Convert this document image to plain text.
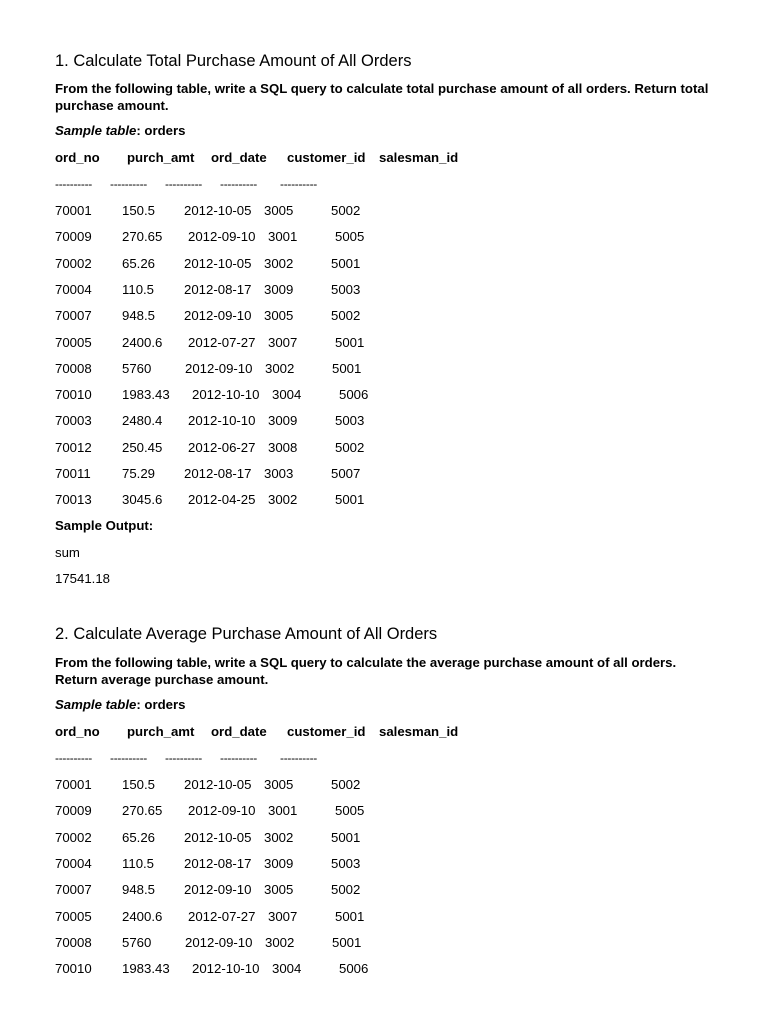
1. Calculate Total Purchase Amount of All Orders

From the following table, write a SQL query to calculate total purchase amount of all orders. Return total purchase amount.

Sample table: orders
ord_no purch_amt ord_date customer_id salesman_id
---------- ---------- ---------- ---------- ----------
70001 150.5 2012-10-05 3005	5002
70009 270.65 2012-09-10 3001	5005
70002 65.26 2012-10-05 3002	5001
70004 110.5 2012-08-17 3009	5003
70007 948.5 2012-09-10 3005	5002
70005 2400.6 2012-07-27 3007	5001
70008 5760	2012-09-10 3002	5001
70010 1983.43 2012-10-10 3004	5006
70003 2480.4 2012-10-10 3009	5003
70012 250.45 2012-06-27 3008	5002
70011 75.29 2012-08-17 3003	5007
70013 3045.6 2012-04-25 3002	5001
Sample Output:
sum
17541.18
2. Calculate Average Purchase Amount of All Orders

From the following table, write a SQL query to calculate the average purchase amount of all orders. Return average purchase amount.

Sample table: orders
ord_no purch_amt ord_date customer_id salesman_id
---------- ---------- ---------- ---------- ----------
70001 150.5 2012-10-05 3005	5002
70009 270.65 2012-09-10 3001	5005
70002 65.26 2012-10-05 3002	5001
70004 110.5 2012-08-17 3009	5003
70007 948.5 2012-09-10 3005	5002
70005 2400.6 2012-07-27 3007	5001
70008 5760	2012-09-10 3002	5001
70010 1983.43 2012-10-10 3004	5006
